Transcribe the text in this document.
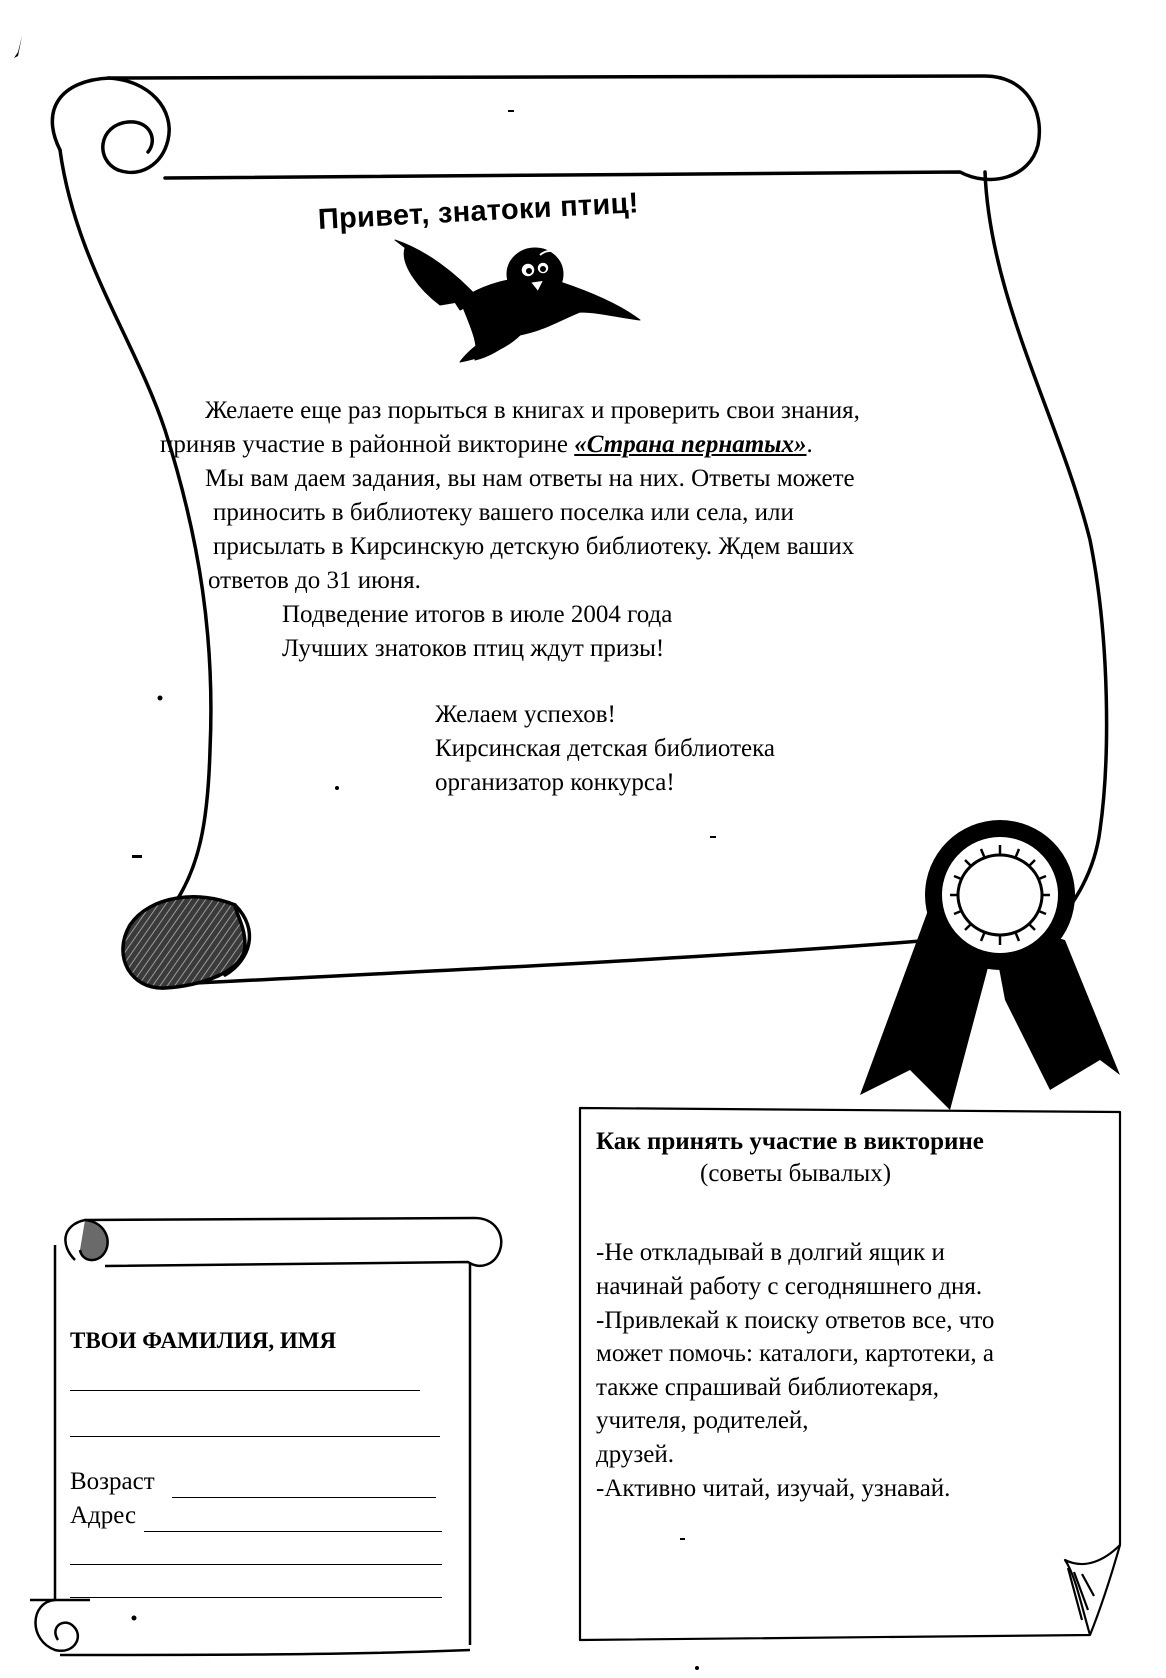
Привет, знатоки птиц!
Желаете еще раз порыться в книгах и проверить свои знания,
приняв участие в районной викторине «Страна пернатых».
Мы вам даем задания, вы нам ответы на них. Ответы можете
приносить в библиотеку вашего поселка или села, или
присылать в Кирсинскую детскую библиотеку. Ждем ваших
ответов до 31 июня.
Подведение итогов в июле 2004 года
Лучших знатоков птиц ждут призы!
Желаем успехов!
Кирсинская детская библиотека
организатор конкурса!
ТВОИ ФАМИЛИЯ, ИМЯ
Возраст
Адрес
Как принять участие в викторине
(советы бывалых)
-Не откладывай в долгий ящик и
начинай работу с сегодняшнего дня.
-Привлекай к поиску ответов все, что
может помочь: каталоги, картотеки, а
также спрашивай библиотекаря,
учителя, родителей,
друзей.
-Активно читай, изучай, узнавай.
